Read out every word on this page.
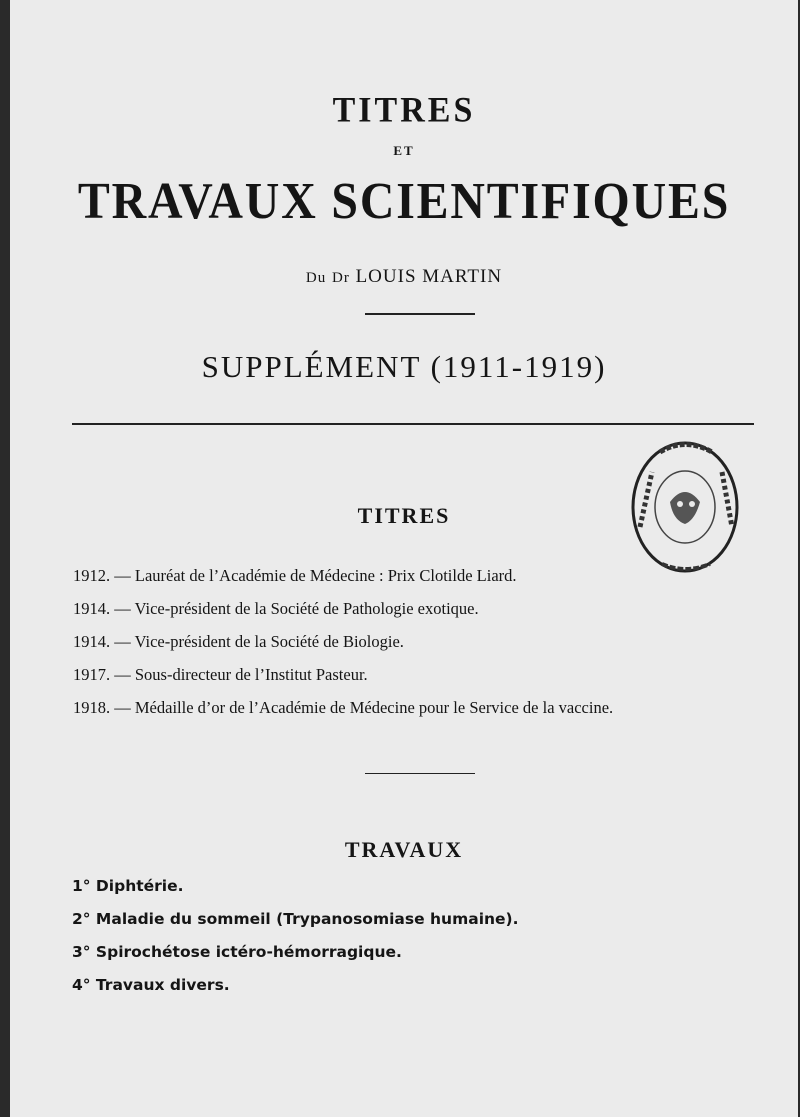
TITRES
ET
TRAVAUX SCIENTIFIQUES
Du Dr LOUIS MARTIN
SUPPLÉMENT (1911-1919)
TITRES
1912. — Lauréat de l’Académie de Médecine : Prix Clotilde Liard.
1914. — Vice-président de la Société de Pathologie exotique.
1914. — Vice-président de la Société de Biologie.
1917. — Sous-directeur de l’Institut Pasteur.
1918. — Médaille d’or de l’Académie de Médecine pour le Service de la vaccine.
TRAVAUX
1° Diphtérie.
2° Maladie du sommeil (Trypanosomiase humaine).
3° Spirochétose ictéro-hémorragique.
4° Travaux divers.
